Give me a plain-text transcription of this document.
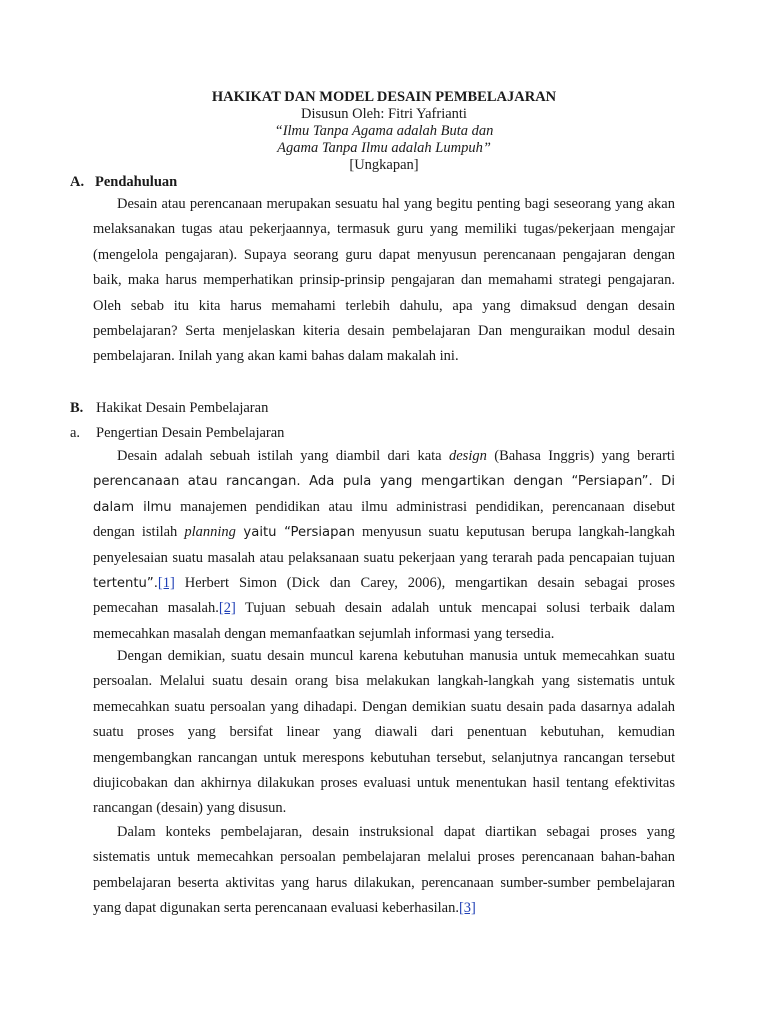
HAKIKAT DAN MODEL DESAIN PEMBELAJARAN
Disusun Oleh: Fitri Yafrianti
“Ilmu Tanpa Agama adalah Buta dan
Agama Tanpa Ilmu adalah Lumpuh”
[Ungkapan]
A. Pendahuluan

Desain atau perencanaan merupakan sesuatu hal yang begitu penting bagi seseorang yang akan melaksanakan tugas atau pekerjaannya, termasuk guru yang memiliki tugas/pekerjaan mengajar (mengelola pengajaran). Supaya seorang guru dapat menyusun perencanaan pengajaran dengan baik, maka harus memperhatikan prinsip-prinsip pengajaran dan memahami strategi pengajaran. Oleh sebab itu kita harus memahami terlebih dahulu, apa yang dimaksud dengan desain pembelajaran? Serta menjelaskan kiteria desain pembelajaran Dan menguraikan modul desain pembelajaran. Inilah yang akan kami bahas dalam makalah ini.

B. Hakikat Desain Pembelajaran
a. Pengertian Desain Pembelajaran

Desain adalah sebuah istilah yang diambil dari kata design (Bahasa Inggris) yang berarti perencanaan atau rancangan. Ada pula yang mengartikan dengan “Persiapan”. Di dalam ilmu manajemen pendidikan atau ilmu administrasi pendidikan, perencanaan disebut dengan istilah planning yaitu “Persiapan menyusun suatu keputusan berupa langkah-langkah penyelesaian suatu masalah atau pelaksanaan suatu pekerjaan yang terarah pada pencapaian tujuan tertentu”.[1] Herbert Simon (Dick dan Carey, 2006), mengartikan desain sebagai proses pemecahan masalah.[2] Tujuan sebuah desain adalah untuk mencapai solusi terbaik dalam memecahkan masalah dengan memanfaatkan sejumlah informasi yang tersedia.

Dengan demikian, suatu desain muncul karena kebutuhan manusia untuk memecahkan suatu persoalan. Melalui suatu desain orang bisa melakukan langkah-langkah yang sistematis untuk memecahkan suatu persoalan yang dihadapi. Dengan demikian suatu desain pada dasarnya adalah suatu proses yang bersifat linear yang diawali dari penentuan kebutuhan, kemudian mengembangkan rancangan untuk merespons kebutuhan tersebut, selanjutnya rancangan tersebut diujicobakan dan akhirnya dilakukan proses evaluasi untuk menentukan hasil tentang efektivitas rancangan (desain) yang disusun.

Dalam konteks pembelajaran, desain instruksional dapat diartikan sebagai proses yang sistematis untuk memecahkan persoalan pembelajaran melalui proses perencanaan bahan-bahan pembelajaran beserta aktivitas yang harus dilakukan, perencanaan sumber-sumber pembelajaran yang dapat digunakan serta perencanaan evaluasi keberhasilan.[3]
